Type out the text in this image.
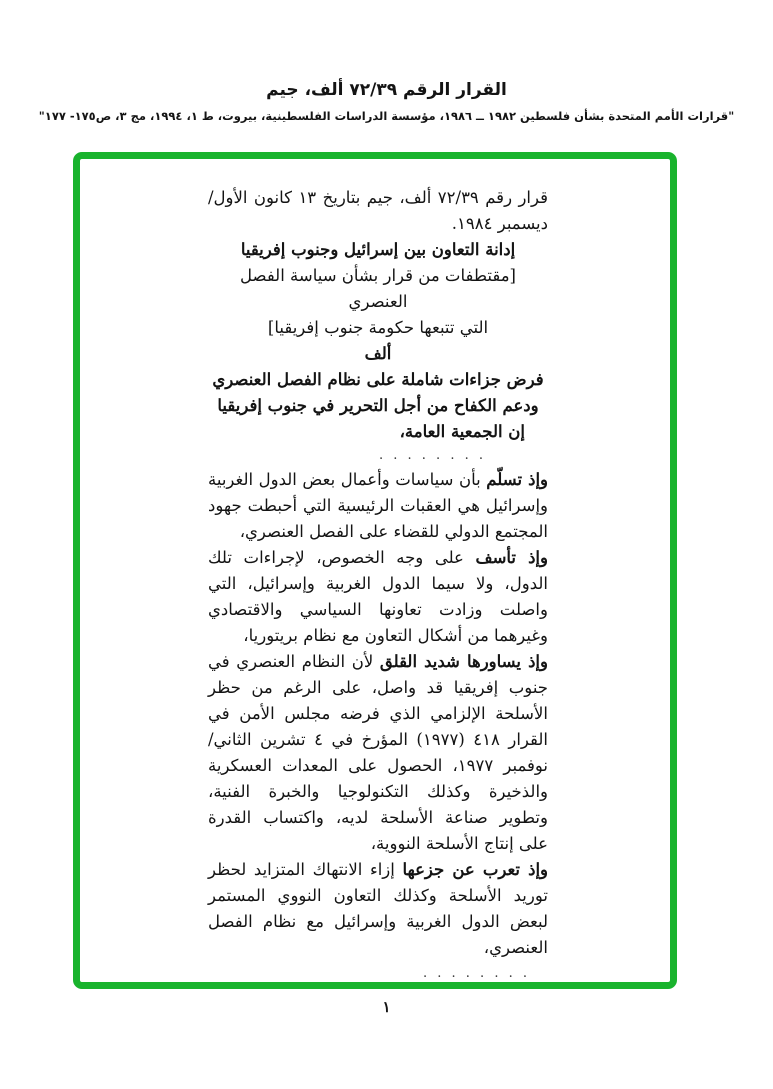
القرار الرقم ٧٢/٣٩ ألف، جيم
"قرارات الأمم المتحدة بشأن فلسطين ١٩٨٢ ــ ١٩٨٦، مؤسسة الدراسات الفلسطينية، بيروت، ط ١، ١٩٩٤، مج ٣، ص١٧٥- ١٧٧"

قرار رقم ٧٢/٣٩ ألف، جيم بتاريخ ١٣ كانون الأول/ديسمبر ١٩٨٤.

إدانة التعاون بين إسرائيل وجنوب إفريقيا

[مقتطفات من قرار بشأن سياسة الفصل العنصري

التي تتبعها حكومة جنوب إفريقيا]

ألف

فرض جزاءات شاملة على نظام الفصل العنصري

ودعم الكفاح من أجل التحرير في جنوب إفريقيا

إن الجمعية العامة،

. . . . . . . .

وإذ تسلّم بأن سياسات وأعمال بعض الدول الغربية وإسرائيل هي العقبات الرئيسية التي أحبطت جهود المجتمع الدولي للقضاء على الفصل العنصري،

وإذ تأسف على وجه الخصوص، لإجراءات تلك الدول، ولا سيما الدول الغربية وإسرائيل، التي واصلت وزادت تعاونها السياسي والاقتصادي وغيرهما من أشكال التعاون مع نظام بريتوريا،

وإذ يساورها شديد القلق لأن النظام العنصري في جنوب إفريقيا قد واصل، على الرغم من حظر الأسلحة الإلزامي الذي فرضه مجلس الأمن في القرار ٤١٨ (١٩٧٧) المؤرخ في ٤ تشرين الثاني/نوفمبر ١٩٧٧، الحصول على المعدات العسكرية والذخيرة وكذلك التكنولوجيا والخبرة الفنية، وتطوير صناعة الأسلحة لديه، واكتساب القدرة على إنتاج الأسلحة النووية،

وإذ تعرب عن جزعها إزاء الانتهاك المتزايد لحظر توريد الأسلحة وكذلك التعاون النووي المستمر لبعض الدول الغربية وإسرائيل مع نظام الفصل العنصري،

. . . . . . . .

١
